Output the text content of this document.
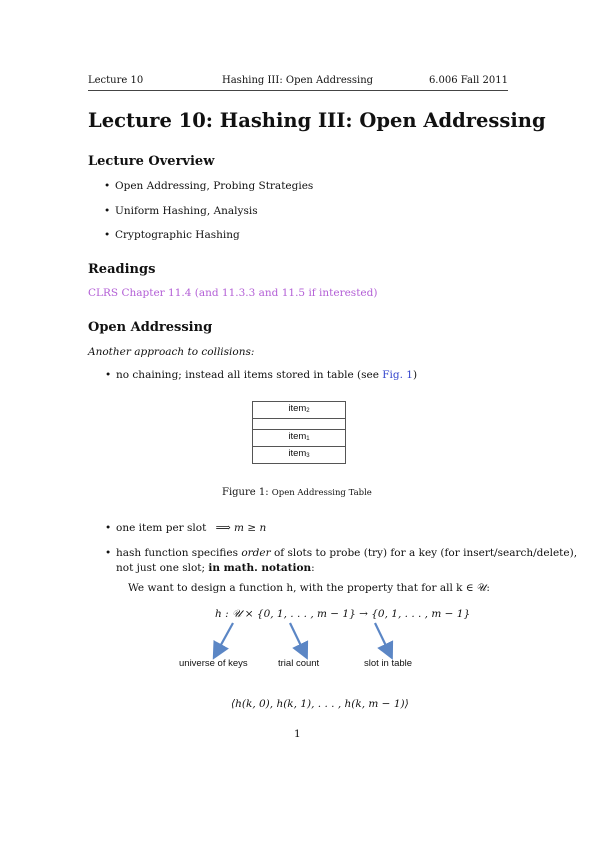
Lecture 10	Hashing III: Open Addressing	6.006 Fall 2011
Lecture 10: Hashing III: Open Addressing
Lecture Overview
• Open Addressing, Probing Strategies
• Uniform Hashing, Analysis
• Cryptographic Hashing
Readings
CLRS Chapter 11.4 (and 11.3.3 and 11.5 if interested)
Open Addressing
Another approach to collisions:
• no chaining; instead all items stored in table (see Fig. 1)
item2

item1
item3
Figure 1: Open Addressing Table
• one item per slot ⟹ m ≥ n
• hash function specifies order of slots to probe (try) for a key (for insert/search/delete),
not just one slot; in math. notation:
We want to design a function h, with the property that for all k ∈ 𝒰:
h : 𝒰 × {0, 1, . . . , m − 1} → {0, 1, . . . , m − 1}
universe of keys	trial count	slot in table
⟨h(k, 0), h(k, 1), . . . , h(k, m − 1)⟩
1
